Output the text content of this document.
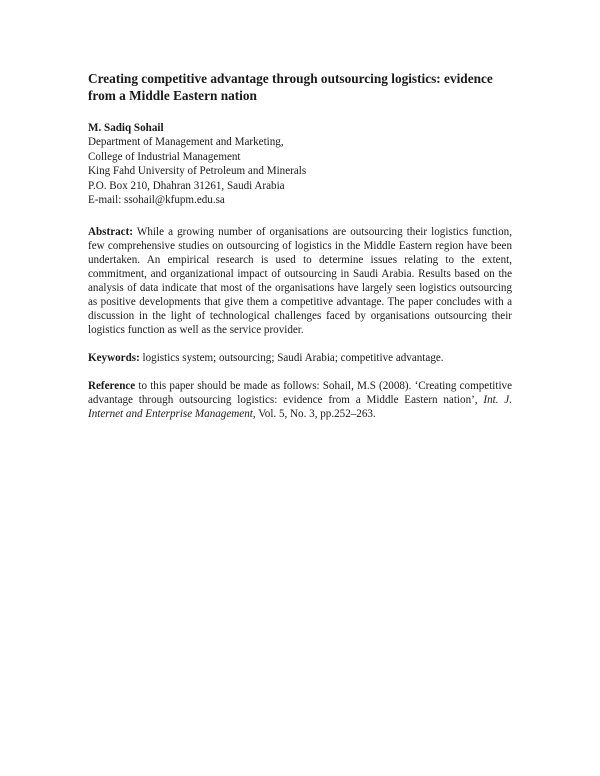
Creating competitive advantage through outsourcing logistics: evidence from a Middle Eastern nation
M. Sadiq Sohail
Department of Management and Marketing,
College of Industrial Management
King Fahd University of Petroleum and Minerals
P.O. Box 210, Dhahran 31261, Saudi Arabia
E-mail: ssohail@kfupm.edu.sa

Abstract: While a growing number of organisations are outsourcing their logistics function, few comprehensive studies on outsourcing of logistics in the Middle Eastern region have been undertaken. An empirical research is used to determine issues relating to the extent, commitment, and organizational impact of outsourcing in Saudi Arabia. Results based on the analysis of data indicate that most of the organisations have largely seen logistics outsourcing as positive developments that give them a competitive advantage. The paper concludes with a discussion in the light of technological challenges faced by organisations outsourcing their logistics function as well as the service provider.

Keywords: logistics system; outsourcing; Saudi Arabia; competitive advantage.

Reference to this paper should be made as follows: Sohail, M.S (2008). ‘Creating competitive advantage through outsourcing logistics: evidence from a Middle Eastern nation’, Int. J. Internet and Enterprise Management, Vol. 5, No. 3, pp.252–263.
